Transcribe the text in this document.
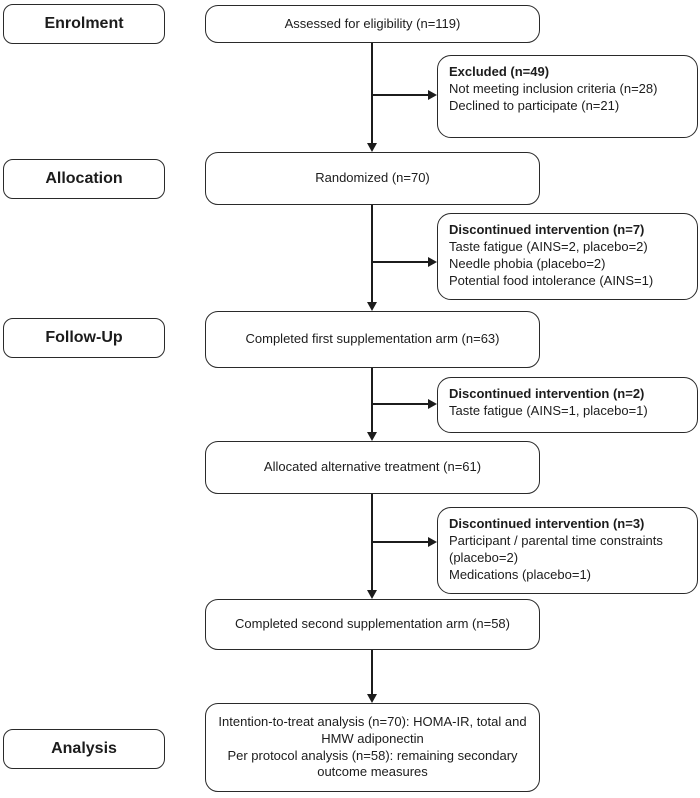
Enrolment
Allocation
Follow-Up
Analysis
Assessed for eligibility (n=119)
Randomized (n=70)
Completed first supplementation arm (n=63)
Allocated alternative treatment (n=61)
Completed second supplementation arm (n=58)
Intention-to-treat analysis (n=70): HOMA-IR, total and HMW adiponectin
Per protocol analysis (n=58): remaining secondary outcome measures
Excluded (n=49)
Not meeting inclusion criteria (n=28)
Declined to participate (n=21)
Discontinued intervention (n=7)
Taste fatigue (AINS=2, placebo=2)
Needle phobia (placebo=2)
Potential food intolerance (AINS=1)
Discontinued intervention (n=2)
Taste fatigue (AINS=1, placebo=1)
Discontinued intervention (n=3)
Participant / parental time constraints (placebo=2)
Medications (placebo=1)
